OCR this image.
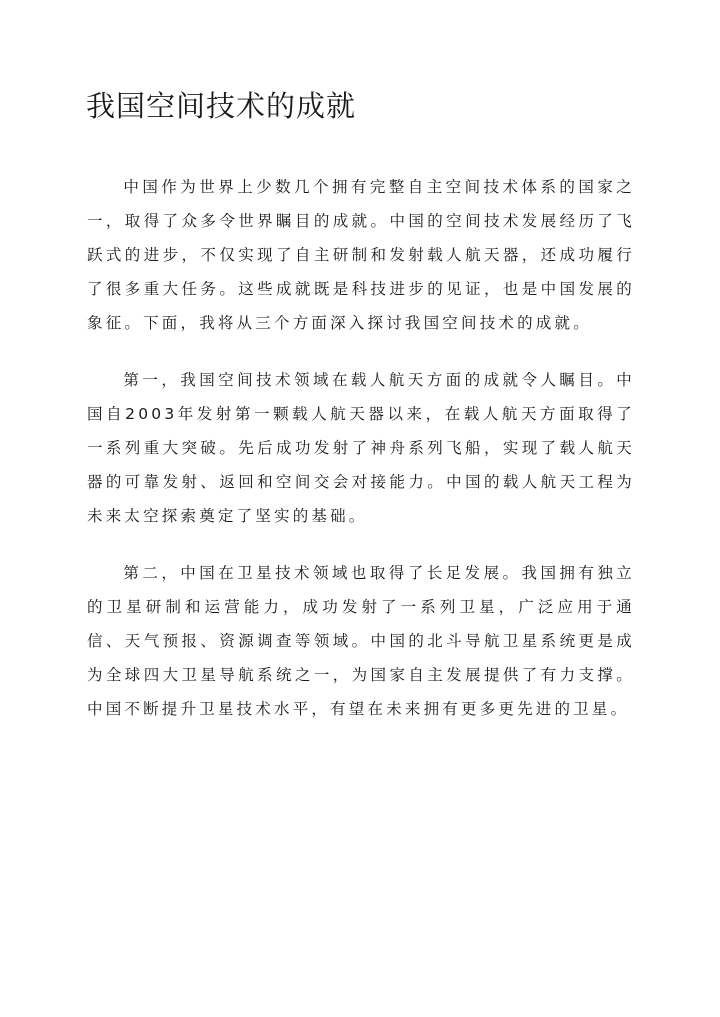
我国空间技术的成就

中国作为世界上少数几个拥有完整自主空间技术体系的国家之一，取得了众多令世界瞩目的成就。中国的空间技术发展经历了飞跃式的进步，不仅实现了自主研制和发射载人航天器，还成功履行了很多重大任务。这些成就既是科技进步的见证，也是中国发展的象征。下面，我将从三个方面深入探讨我国空间技术的成就。

第一，我国空间技术领域在载人航天方面的成就令人瞩目。中国自2003年发射第一颗载人航天器以来，在载人航天方面取得了一系列重大突破。先后成功发射了神舟系列飞船，实现了载人航天器的可靠发射、返回和空间交会对接能力。中国的载人航天工程为未来太空探索奠定了坚实的基础。

第二，中国在卫星技术领域也取得了长足发展。我国拥有独立的卫星研制和运营能力，成功发射了一系列卫星，广泛应用于通信、天气预报、资源调查等领域。中国的北斗导航卫星系统更是成为全球四大卫星导航系统之一，为国家自主发展提供了有力支撑。中国不断提升卫星技术水平，有望在未来拥有更多更先进的卫星。
